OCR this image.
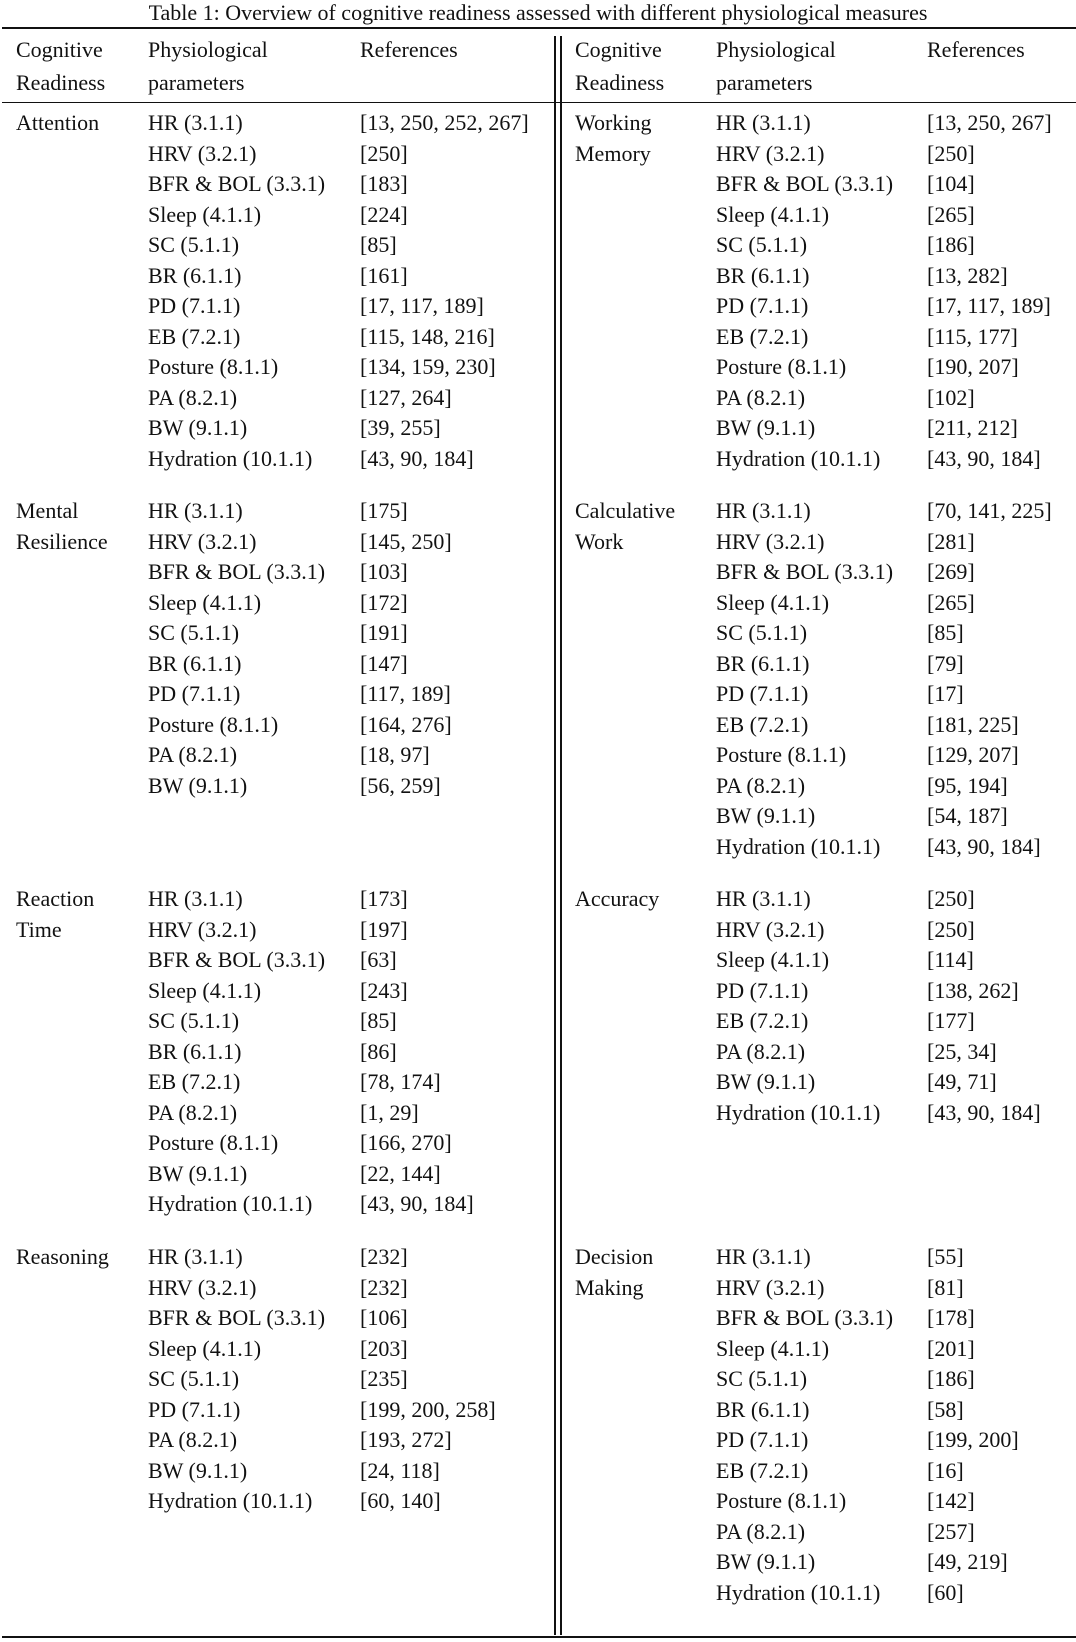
Table 1: Overview of cognitive readiness assessed with different physiological measures
Cognitive
Readiness
Physiological
parameters
References	Cognitive
Readiness
Physiological
parameters
References
Attention HR (3.1.1)
HRV (3.2.1)
BFR & BOL (3.3.1)
Sleep (4.1.1)
SC (5.1.1)
BR (6.1.1)
PD (7.1.1)
EB (7.2.1)
Posture (8.1.1)
PA (8.2.1)
BW (9.1.1)
Hydration (10.1.1)
[13, 250, 252, 267]
[250]
[183]
[224]
[85]
[161]
[17, 117, 189]
[115, 148, 216]
[134, 159, 230]
[127, 264]
[39, 255]
[43, 90, 184]
Working
Memory
HR (3.1.1)
HRV (3.2.1)
BFR & BOL (3.3.1)
Sleep (4.1.1)
SC (5.1.1)
BR (6.1.1)
PD (7.1.1)
EB (7.2.1)
Posture (8.1.1)
PA (8.2.1)
BW (9.1.1)
Hydration (10.1.1)
[13, 250, 267]
[250]
[104]
[265]
[186]
[13, 282]
[17, 117, 189]
[115, 177]
[190, 207]
[102]
[211, 212]
[43, 90, 184]
Mental
Resilience
HR (3.1.1)
HRV (3.2.1)
BFR & BOL (3.3.1)
Sleep (4.1.1)
SC (5.1.1)
BR (6.1.1)
PD (7.1.1)
Posture (8.1.1)
PA (8.2.1)
BW (9.1.1)
[175]
[145, 250]
[103]
[172]
[191]
[147]
[117, 189]
[164, 276]
[18, 97]
[56, 259]
Calculative
Work
HR (3.1.1)
HRV (3.2.1)
BFR & BOL (3.3.1)
Sleep (4.1.1)
SC (5.1.1)
BR (6.1.1)
PD (7.1.1)
EB (7.2.1)
Posture (8.1.1)
PA (8.2.1)
BW (9.1.1)
Hydration (10.1.1)
[70, 141, 225]
[281]
[269]
[265]
[85]
[79]
[17]
[181, 225]
[129, 207]
[95, 194]
[54, 187]
[43, 90, 184]
Reaction
Time
HR (3.1.1)
HRV (3.2.1)
BFR & BOL (3.3.1)
Sleep (4.1.1)
SC (5.1.1)
BR (6.1.1)
EB (7.2.1)
PA (8.2.1)
Posture (8.1.1)
BW (9.1.1)
Hydration (10.1.1)
[173]
[197]
[63]
[243]
[85]
[86]
[78, 174]
[1, 29]
[166, 270]
[22, 144]
[43, 90, 184]
Accuracy	HR (3.1.1)
HRV (3.2.1)
Sleep (4.1.1)
PD (7.1.1)
EB (7.2.1)
PA (8.2.1)
BW (9.1.1)
Hydration (10.1.1)
[250]
[250]
[114]
[138, 262]
[177]
[25, 34]
[49, 71]
[43, 90, 184]
Reasoning HR (3.1.1)
HRV (3.2.1)
BFR & BOL (3.3.1)
Sleep (4.1.1)
SC (5.1.1)
PD (7.1.1)
PA (8.2.1)
BW (9.1.1)
Hydration (10.1.1)
[232]
[232]
[106]
[203]
[235]
[199, 200, 258]
[193, 272]
[24, 118]
[60, 140]
Decision
Making
HR (3.1.1)
HRV (3.2.1)
BFR & BOL (3.3.1)
Sleep (4.1.1)
SC (5.1.1)
BR (6.1.1)
PD (7.1.1)
EB (7.2.1)
Posture (8.1.1)
PA (8.2.1)
BW (9.1.1)
Hydration (10.1.1)
[55]
[81]
[178]
[201]
[186]
[58]
[199, 200]
[16]
[142]
[257]
[49, 219]
[60]
